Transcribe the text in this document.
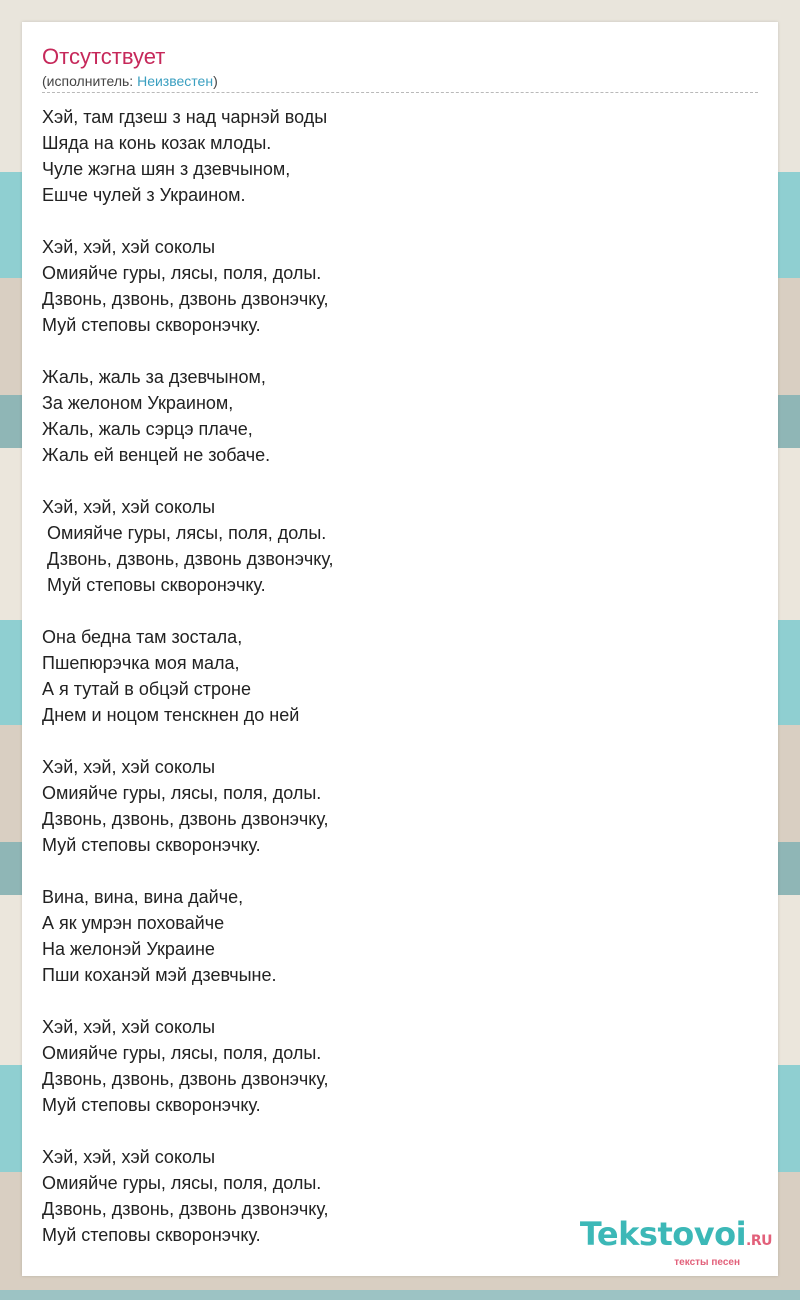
Отсутствует
(исполнитель: Неизвестен)
Хэй, там гдзеш з над чарнэй воды
Шяда на конь козак млоды.
Чуле жэгна шян з дзевчыном,
Ешче чулей з Украином.
Хэй, хэй, хэй соколы
Омияйче гуры, лясы, поля, долы.
Дзвонь, дзвонь, дзвонь дзвонэчку,
Муй степовы скворонэчку.
Жаль, жаль за дзевчыном,
За желоном Украином,
Жаль, жаль сэрцэ плаче,
Жаль ей венцей не зобаче.
Хэй, хэй, хэй соколы
Омияйче гуры, лясы, поля, долы.
Дзвонь, дзвонь, дзвонь дзвонэчку,
Муй степовы скворонэчку.
Она бедна там зостала,
Пшепюрэчка моя мала,
А я тутай в обцэй строне
Днем и ноцом тенскнен до ней
Хэй, хэй, хэй соколы
Омияйче гуры, лясы, поля, долы.
Дзвонь, дзвонь, дзвонь дзвонэчку,
Муй степовы скворонэчку.
Вина, вина, вина дайче,
А як умрэн поховайче
На желонэй Украине
Пши коханэй мэй дзевчыне.
Хэй, хэй, хэй соколы
Омияйче гуры, лясы, поля, долы.
Дзвонь, дзвонь, дзвонь дзвонэчку,
Муй степовы скворонэчку.
Хэй, хэй, хэй соколы
Омияйче гуры, лясы, поля, долы.
Дзвонь, дзвонь, дзвонь дзвонэчку,
Муй степовы скворонэчку.	Tekstovoi.RU
тексты песен
